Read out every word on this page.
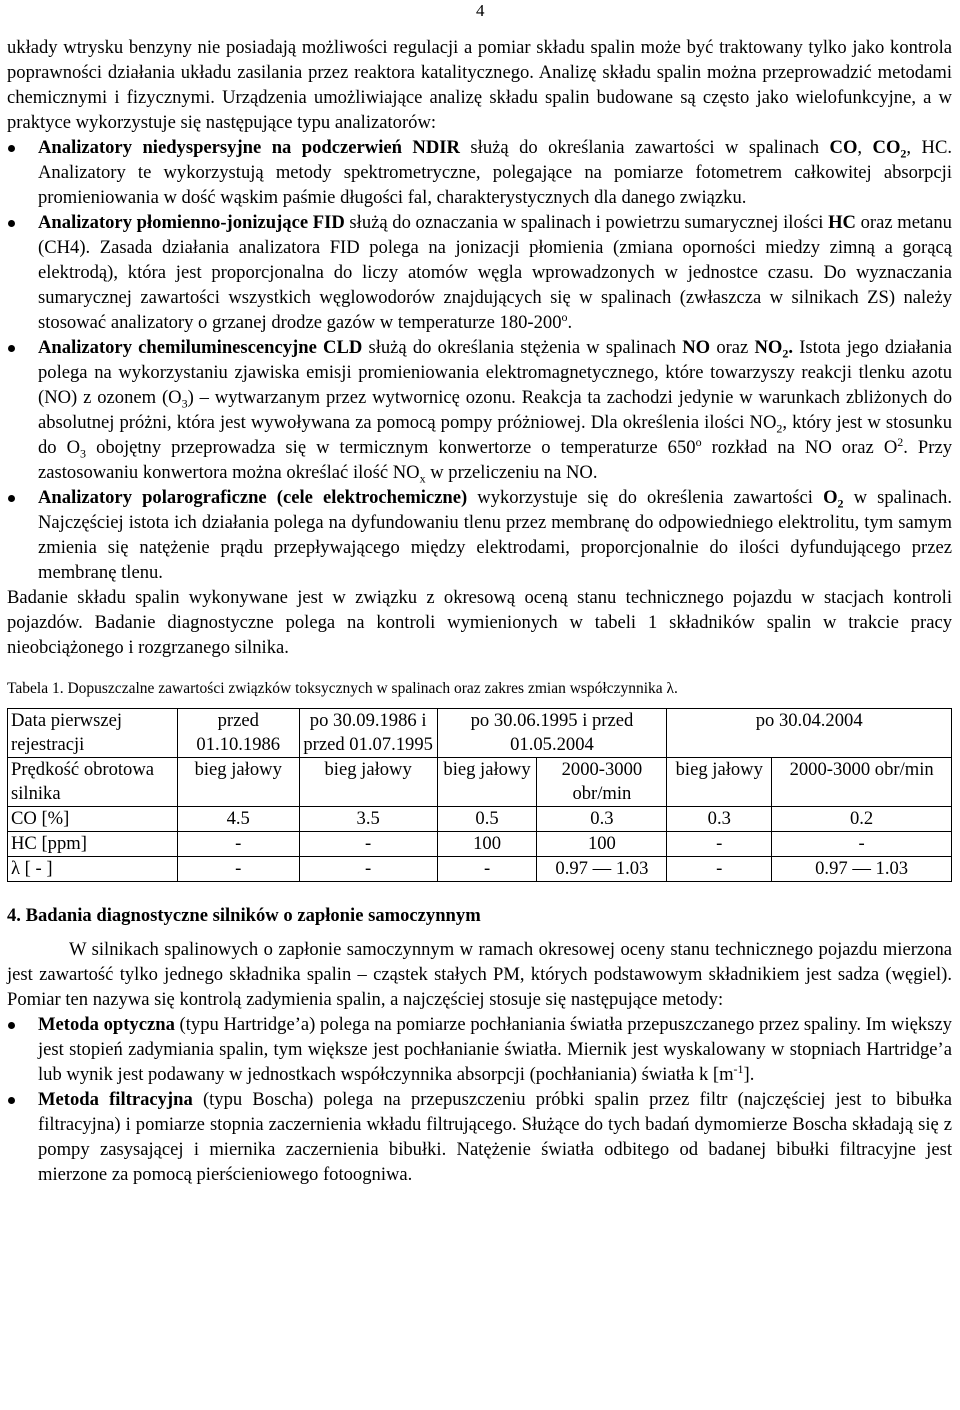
4

układy wtrysku benzyny nie posiadają możliwości regulacji a pomiar składu spalin może być traktowany tylko jako kontrola poprawności działania układu zasilania przez reaktora katalitycznego. Analizę składu spalin można przeprowadzić metodami chemicznymi i fizycznymi. Urządzenia umożliwiające analizę składu spalin budowane są często jako wielofunkcyjne, a w praktyce wykorzystuje się następujące typu analizatorów:

Analizatory niedyspersyjne na podczerwień NDIR służą do określania zawartości w spalinach CO, $CO_2$, HC. Analizatory te wykorzystują metody spektrometryczne, polegające na pomiarze fotometrem całkowitej absorpcji promieniowania w dość wąskim paśmie długości fal, charakterystycznych dla danego związku.
Analizatory płomienno-jonizujące FID służą do oznaczania w spalinach i powietrzu sumarycznej ilości HC oraz metanu (CH4). Zasada działania analizatora FID polega na jonizacji płomienia (zmiana oporności miedzy zimną a gorącą elektrodą), która jest proporcjonalna do liczy atomów węgla wprowadzonych w jednostce czasu. Do wyznaczania sumarycznej zawartości wszystkich węglowodorów znajdujących się w spalinach (zwłaszcza w silnikach ZS) należy stosować analizatory o grzanej drodze gazów w temperaturze 180-200$^o$.
Analizatory chemiluminescencyjne CLD służą do określania stężenia w spalinach NO oraz $NO_2$. Istota jego działania polega na wykorzystaniu zjawiska emisji promieniowania elektromagnetycznego, które towarzyszy reakcji tlenku azotu (NO) z ozonem $(O_3)$ – wytwarzanym przez wytwornicę ozonu. Reakcja ta zachodzi jedynie w warunkach zbliżonych do absolutnej próżni, która jest wywoływana za pomocą pompy próżniowej. Dla określenia ilości $NO_2$, który jest w stosunku do $O_3$ obojętny przeprowadza się w termicznym konwertorze o temperaturze 650$^o$ rozkład na NO oraz $O^2$. Przy zastosowaniu konwertora można określać ilość $NO_x$ w przeliczeniu na NO.
Analizatory polarograficzne (cele elektrochemiczne) wykorzystuje się do określenia zawartości $O_2$ w spalinach. Najczęściej istota ich działania polega na dyfundowaniu tlenu przez membranę do odpowiedniego elektrolitu, tym samym zmienia się natężenie prądu przepływającego między elektrodami, proporcjonalnie do ilości dyfundującego przez membranę tlenu.

Badanie składu spalin wykonywane jest w związku z okresową oceną stanu technicznego pojazdu w stacjach kontroli pojazdów. Badanie diagnostyczne polega na kontroli wymienionych w tabeli 1 składników spalin w trakcie pracy nieobciążonego i rozgrzanego silnika.

Tabela 1. Dopuszczalne zawartości związków toksycznych w spalinach oraz zakres zmian współczynnika λ.
Data pierwszej rejestracji	przed 01.10.1986	po 30.09.1986 i przed 01.07.1995	po 30.06.1995 i przed 01.05.2004		po 30.04.2004	
Prędkość obrotowa silnika	bieg jałowy	bieg jałowy	bieg jałowy	2000-3000 obr/min	bieg jałowy	2000-3000 obr/min
CO [%]	4.5	3.5	0.5	0.3	0.3	0.2
HC [ppm]	-	-	100	100	-	-
λ [ - ]	-	-	-	0.97 — 1.03	-	0.97 — 1.03
4. Badania diagnostyczne silników o zapłonie samoczynnym

W silnikach spalinowych o zapłonie samoczynnym w ramach okresowej oceny stanu technicznego pojazdu mierzona jest zawartość tylko jednego składnika spalin – cząstek stałych PM, których podstawowym składnikiem jest sadza (węgiel). Pomiar ten nazywa się kontrolą zadymienia spalin, a najczęściej stosuje się następujące metody:

Metoda optyczna (typu Hartridge’a) polega na pomiarze pochłaniania światła przepuszczanego przez spaliny. Im większy jest stopień zadymiania spalin, tym większe jest pochłanianie światła. Miernik jest wyskalowany w stopniach Hartridge’a lub wynik jest podawany w jednostkach współczynnika absorpcji (pochłaniania) światła k $[m^{-1}]$.
Metoda filtracyjna (typu Boscha) polega na przepuszczeniu próbki spalin przez filtr (najczęściej jest to bibułka filtracyjna) i pomiarze stopnia zaczernienia wkładu filtrującego. Służące do tych badań dymomierze Boscha składają się z pompy zasysającej i miernika zaczernienia bibułki. Natężenie światła odbitego od badanej bibułki filtracyjne jest mierzone za pomocą pierścieniowego fotoogniwa.
